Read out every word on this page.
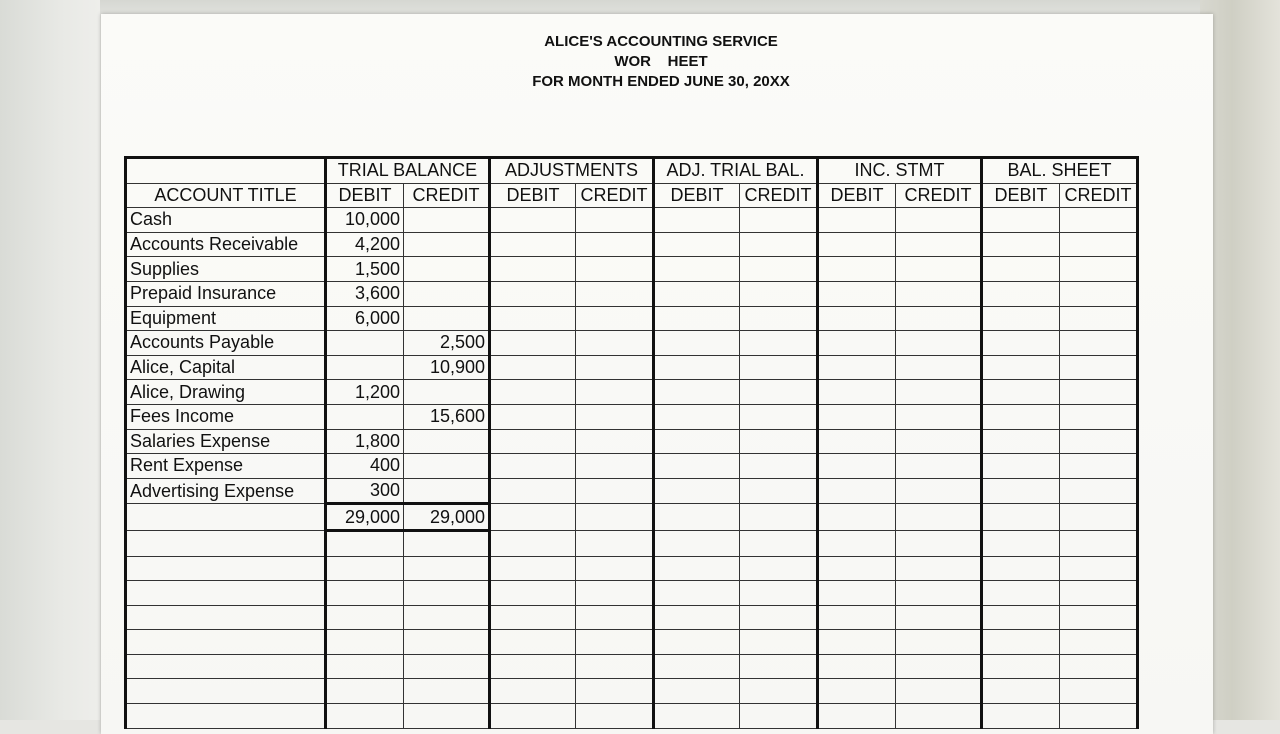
ALICE'S ACCOUNTING SERVICE
WOR    HEET
FOR MONTH ENDED JUNE 30, 20XX
	TRIAL BALANCE		ADJUSTMENTS		ADJ. TRIAL BAL.		INC. STMT		BAL. SHEET	
ACCOUNT TITLE	DEBIT	CREDIT	DEBIT	CREDIT	DEBIT	CREDIT	DEBIT	CREDIT	DEBIT	CREDIT
Cash	10,000									
Accounts Receivable	4,200									
Supplies	1,500									
Prepaid Insurance	3,600									
Equipment	6,000									
Accounts Payable		2,500								
Alice, Capital		10,900								
Alice, Drawing	1,200									
Fees Income		15,600								
Salaries Expense	1,800									
Rent Expense	400									
Advertising Expense	300									
	29,000	29,000								
